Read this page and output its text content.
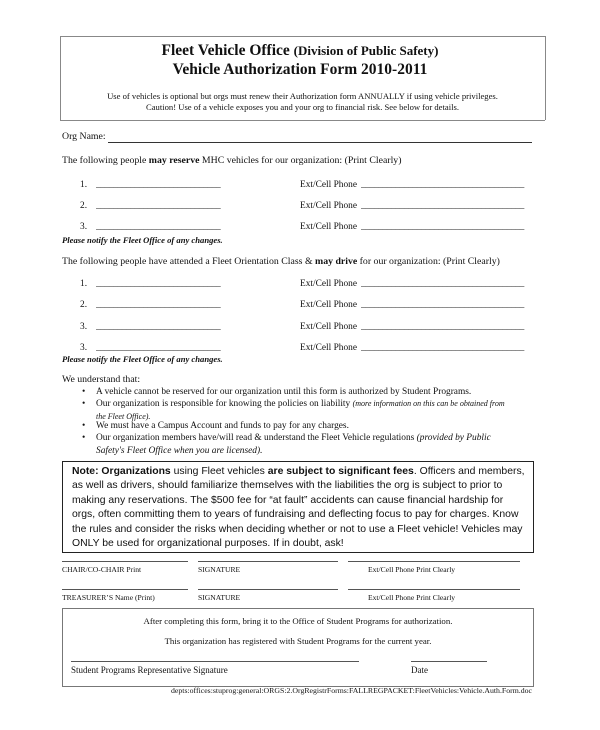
Fleet Vehicle Office (Division of Public Safety)
Vehicle Authorization Form 2010-2011
Use of vehicles is optional but orgs must renew their Authorization form ANNUALLY if using vehicle privileges.
Caution! Use of a vehicle exposes you and your org to financial risk. See below for details.
Org Name:
The following people may reserve MHC vehicles for our organization: (Print Clearly)
1. _____________________________	Ext/Cell Phone ______________________________________
2. _____________________________	Ext/Cell Phone ______________________________________
3. _____________________________	Ext/Cell Phone ______________________________________
Please notify the Fleet Office of any changes.
The following people have attended a Fleet Orientation Class & may drive for our organization: (Print Clearly)
1. _____________________________	Ext/Cell Phone ______________________________________
2. _____________________________	Ext/Cell Phone ______________________________________
3. _____________________________	Ext/Cell Phone ______________________________________
3. _____________________________	Ext/Cell Phone ______________________________________
Please notify the Fleet Office of any changes.
We understand that:
• A vehicle cannot be reserved for our organization until this form is authorized by Student Programs.
• Our organization is responsible for knowing the policies on liability (more information on this can be obtained from the Fleet Office).
• We must have a Campus Account and funds to pay for any charges.
• Our organization members have/will read & understand the Fleet Vehicle regulations (provided by Public Safety's Fleet Office when you are licensed).
Note: Organizations using Fleet vehicles are subject to significant fees. Officers and members, as well as drivers, should familiarize themselves with the liabilities the org is subject to prior to making any reservations. The $500 fee for “at fault” accidents can cause financial hardship for orgs, often committing them to years of fundraising and deflecting focus to pay for charges. Know the rules and consider the risks when deciding whether or not to use a Fleet vehicle! Vehicles may ONLY be used for organizational purposes. If in doubt, ask!
CHAIR/CO-CHAIR Print	SIGNATURE	Ext/Cell Phone Print Clearly
TREASURER’S Name (Print)	SIGNATURE	Ext/Cell Phone Print Clearly
After completing this form, bring it to the Office of Student Programs for authorization.
This organization has registered with Student Programs for the current year.
Student Programs Representative Signature	Date
depts:offices:stuprog:general:ORGS:2.OrgRegistrForms:FALLREGPACKET:FleetVehicles:Vehicle.Auth.Form.doc
